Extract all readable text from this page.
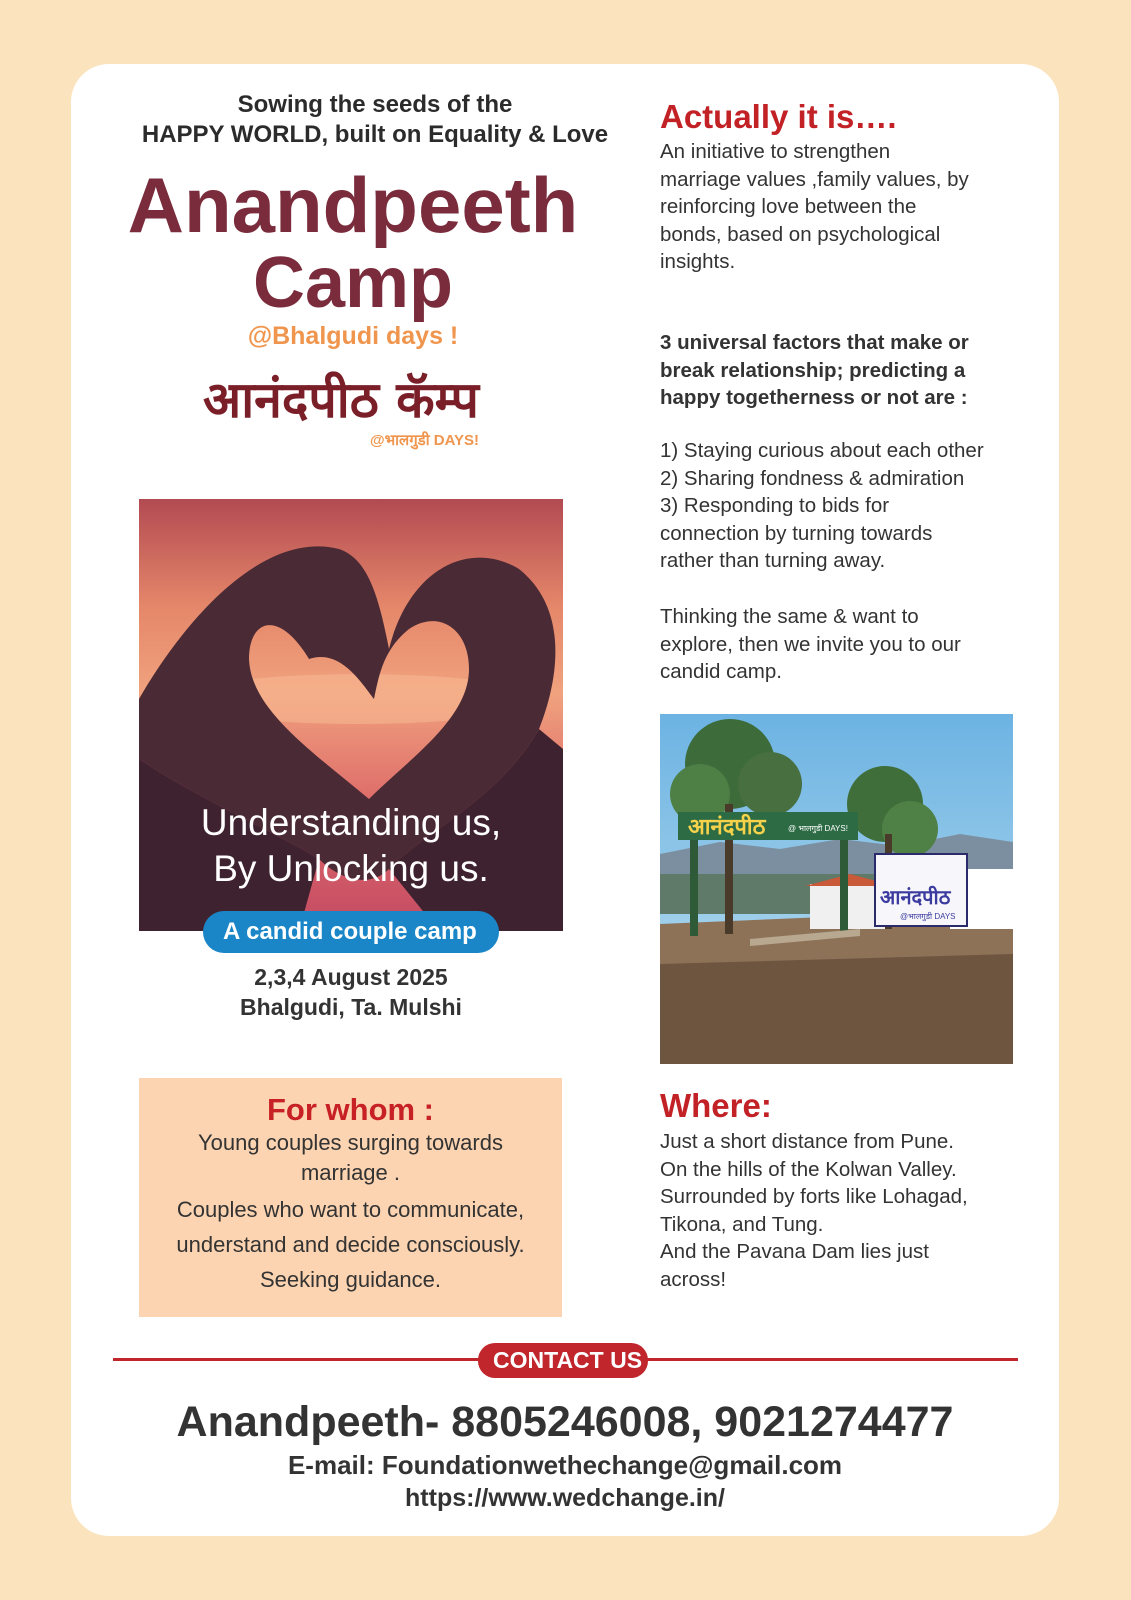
Sowing the seeds of the
HAPPY WORLD, built on Equality & Love
Anandpeeth
Camp
@Bhalgudi days !
आनंदपीठ कॅम्प
@भालगुडी DAYS!
Understanding us,
By Unlocking us.
A candid couple camp
2,3,4 August 2025
Bhalgudi, Ta. Mulshi
For whom :

Young couples surging towards

marriage .

Couples who want to communicate,

understand and decide consciously.

Seeking guidance.

Actually it is….
An initiative to strengthen
marriage values ,family values, by
reinforcing love between the
bonds, based on psychological
insights.
3 universal factors that make or
break relationship; predicting a
happy togetherness or not are :
1) Staying curious about each other
2) Sharing fondness & admiration
3) Responding to bids for
connection by turning towards
rather than turning away.
Thinking the same & want to
explore, then we invite you to our
candid camp.
आनंदपीठ	@ भालगुडी DAYS!
आनंदपीठ
@भालगुडी DAYS
Where:
Just a short distance from Pune.
On the hills of the Kolwan Valley.
Surrounded by forts like Lohagad,
Tikona, and Tung.
And the Pavana Dam lies just
across!
CONTACT US
Anandpeeth- 8805246008, 9021274477
E-mail: Foundationwethechange@gmail.com
https://www.wedchange.in/
